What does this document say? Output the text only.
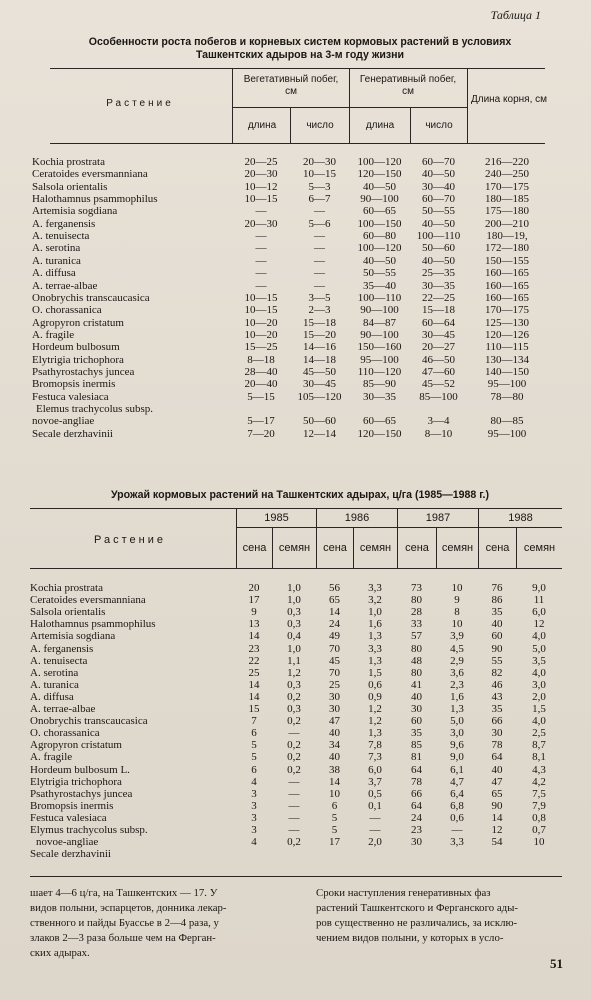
Таблица 1
Особенности роста побегов и корневых систем кормовых растений в условиях
Ташкентских адыров на 3-м году жизни
Растение
Вегетативный побег, см
Генеративный побег, см
Длина корня, см
длина	число	длина	число
Kochia prostrata	20—25	20—30	100—120	60—70	216—220
Ceratoides eversmanniana	20—30	10—15	120—150	40—50	240—250
Salsola orientalis	10—12	5—3	40—50	30—40	170—175
Halothamnus psammophilus	10—15	6—7	90—100	60—70	180—185
Artemisia sogdiana	—	—	60—65	50—55	175—180
A. ferganensis	20—30	5—6	100—150	40—50	200—210
A. tenuisecta	—	—	60—80	100—110	180—19,
A. serotina	—	—	100—120	50—60	172—180
A. turanica	—	—	40—50	40—50	150—155
A. diffusa	—	—	50—55	25—35	160—165
A. terrae-albae	—	—	35—40	30—35	160—165
Onobrychis transcaucasica	10—15	3—5	100—110	22—25	160—165
O. chorassanica	10—15	2—3	90—100	15—18	170—175
Agropyron cristatum	10—20	15—18	84—87	60—64	125—130
A. fragile	10—20	15—20	90—100	30—45	120—126
Hordeum bulbosum	15—25	14—16	150—160	20—27	110—115
Elytrigia trichophora	8—18	14—18	95—100	46—50	130—134
Psathyrostachys juncea	28—40	45—50	110—120	47—60	140—150
Bromopsis inermis	20—40	30—45	85—90	45—52	95—100
Festuca valesiaca	5—15	105—120	30—35	85—100	78—80
Elemus trachycolus subsp.
novoe-angliae	5—17	50—60	60—65	3—4	80—85
Secale derzhavinii	7—20	12—14	120—150	8—10	95—100
Урожай кормовых растений на Ташкентских адырах, ц/га (1985—1988 г.)
Растение
1985	1986	1987	1988
сена	семян	сена	семян	сена	семян	сена	семян
Kochia prostrata	20	1,0	56	3,3	73	10	76	9,0
Ceratoides eversmanniana	17	1,0	65	3,2	80	9	86	11
Salsola orientalis	9	0,3	14	1,0	28	8	35	6,0
Halothamnus psammophilus	13	0,3	24	1,6	33	10	40	12
Artemisia sogdiana	14	0,4	49	1,3	57	3,9	60	4,0
A. ferganensis	23	1,0	70	3,3	80	4,5	90	5,0
A. tenuisecta	22	1,1	45	1,3	48	2,9	55	3,5
A. serotina	25	1,2	70	1,5	80	3,6	82	4,0
A. turanica	14	0,3	25	0,6	41	2,3	46	3,0
A. diffusa	14	0,2	30	0,9	40	1,6	43	2,0
A. terrae-albae	15	0,3	30	1,2	30	1,3	35	1,5
Onobrychis transcaucasica	7	0,2	47	1,2	60	5,0	66	4,0
O. chorassanica	6	—	40	1,3	35	3,0	30	2,5
Agropyron cristatum	5	0,2	34	7,8	85	9,6	78	8,7
A. fragile	5	0,2	40	7,3	81	9,0	64	8,1
Hordeum bulbosum L.	6	0,2	38	6,0	64	6,1	40	4,3
Elytrigia trichophora	4	—	14	3,7	78	4,7	47	4,2
Psathyrostachys juncea	3	—	10	0,5	66	6,4	65	7,5
Bromopsis inermis	3	—	6	0,1	64	6,8	90	7,9
Festuca valesiaca	3	—	5	—	24	0,6	14	0,8
Elymus trachycolus subsp.	3	—	5	—	23	—	12	0,7
novoe-angliae	4	0,2	17	2,0	30	3,3	54	10
Secale derzhavinii
шает 4—6 ц/га, на Ташкентских — 17. У
видов полыни, эспарцетов, донника лекар-
ственного и пайды Буассье в 2—4 раза, у
злаков 2—3 раза больше чем на Ферган-
ских адырах.
Сроки наступления генеративных фаз
растений Ташкентского и Ферганского ады-
ров существенно не различались, за исклю-
чением видов полыни, у которых в усло-
51
